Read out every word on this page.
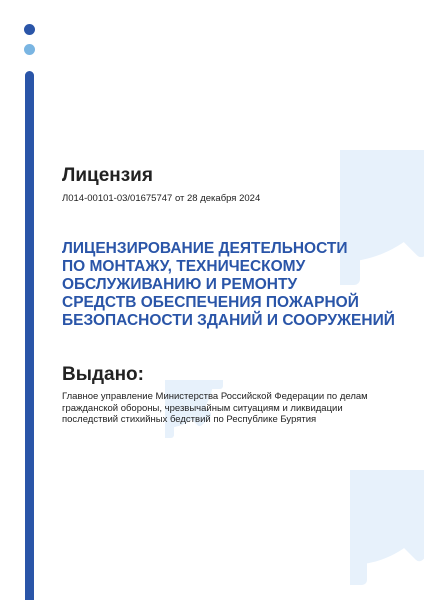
Лицензия

Л014-00101-03/01675747 от 28 декабря 2024

ЛИЦЕНЗИРОВАНИЕ ДЕЯТЕЛЬНОСТИ
ПО МОНТАЖУ, ТЕХНИЧЕСКОМУ
ОБСЛУЖИВАНИЮ И РЕМОНТУ
СРЕДСТВ ОБЕСПЕЧЕНИЯ ПОЖАРНОЙ
БЕЗОПАСНОСТИ ЗДАНИЙ И СООРУЖЕНИЙ
Выдано:

Главное управление Министерства Российской Федерации по делам
гражданской обороны, чрезвычайным ситуациям и ликвидации
последствий стихийных бедствий по Республике Бурятия
